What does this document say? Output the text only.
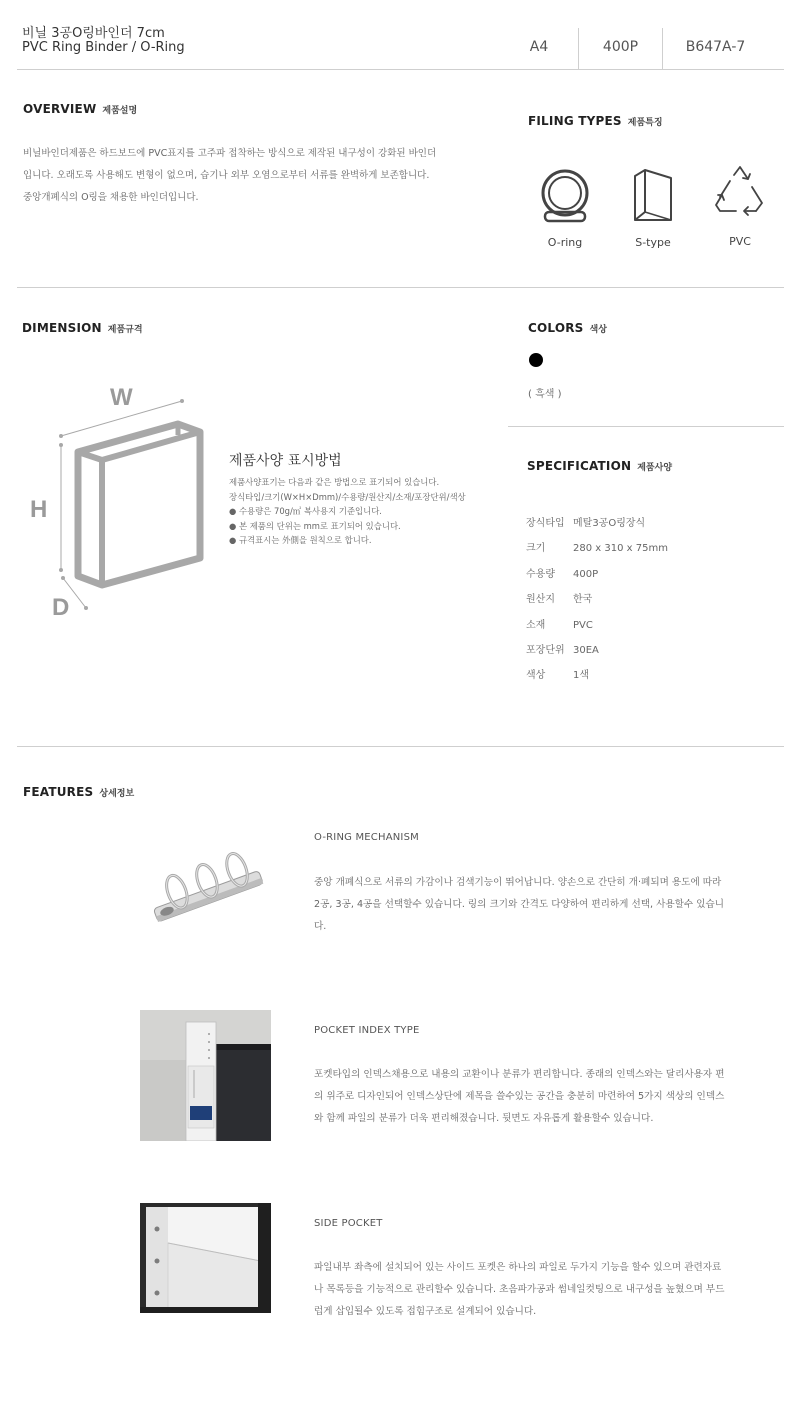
비닐 3공O링바인더 7cm
PVC Ring Binder / O-Ring	A4	400P	B647A-7
OVERVIEW 제품설명
비닐바인더제품은 하드보드에 PVC표지를 고주파 접착하는 방식으로 제작된 내구성이 강화된 바인더
입니다. 오래도록 사용해도 변형이 없으며, 습기나 외부 오염으로부터 서류를 완벽하게 보존합니다.
중앙개폐식의 O링을 채용한 바인더입니다.
FILING TYPES 제품특징
O-ring	S-type	PVC
DIMENSION 제품규격
W
H
D
제품사양 표시방법
제품사양표기는 다음과 같은 방법으로 표기되어 있습니다.
장식타입/크기(W×H×Dmm)/수용량/원산지/소재/포장단위/색상
● 수용량은 70g/㎡ 복사용지 기준입니다.
● 본 제품의 단위는 mm로 표기되어 있습니다.
● 규격표시는 外側을 원칙으로 합니다.
COLORS 색상
( 흑색 )
SPECIFICATION 제품사양
장식타입 메탈3공O링장식
크기	280 x 310 x 75mm
수용량 400P
원산지 한국
소재	PVC
포장단위 30EA
색상	1색
FEATURES 상세정보
O-RING MECHANISM
중앙 개폐식으로 서류의 가감이나 검색기능이 뛰어납니다. 양손으로 간단히 개·폐되며 용도에 따라
2공, 3공, 4공을 선택할수 있습니다. 링의 크기와 간격도 다양하여 편리하게 선택, 사용할수 있습니
다.
POCKET INDEX TYPE
포켓타입의 인덱스채용으로 내용의 교환이나 분류가 편리합니다. 종래의 인덱스와는 달리사용자 편
의 위주로 디자인되어 인덱스상단에 제목을 쓸수있는 공간을 충분히 마련하여 5가지 색상의 인덱스
와 함께 파일의 분류가 더욱 편리해졌습니다. 뒷면도 자유롭게 활용할수 있습니다.
SIDE POCKET
파일내부 좌측에 설치되어 있는 사이드 포켓은 하나의 파일로 두가지 기능을 할수 있으며 관련자료
나 목록등을 기능적으로 관리할수 있습니다. 초음파가공과 썸네일컷팅으로 내구성을 높혔으며 부드
럽게 삽입될수 있도록 접힘구조로 설계되어 있습니다.
